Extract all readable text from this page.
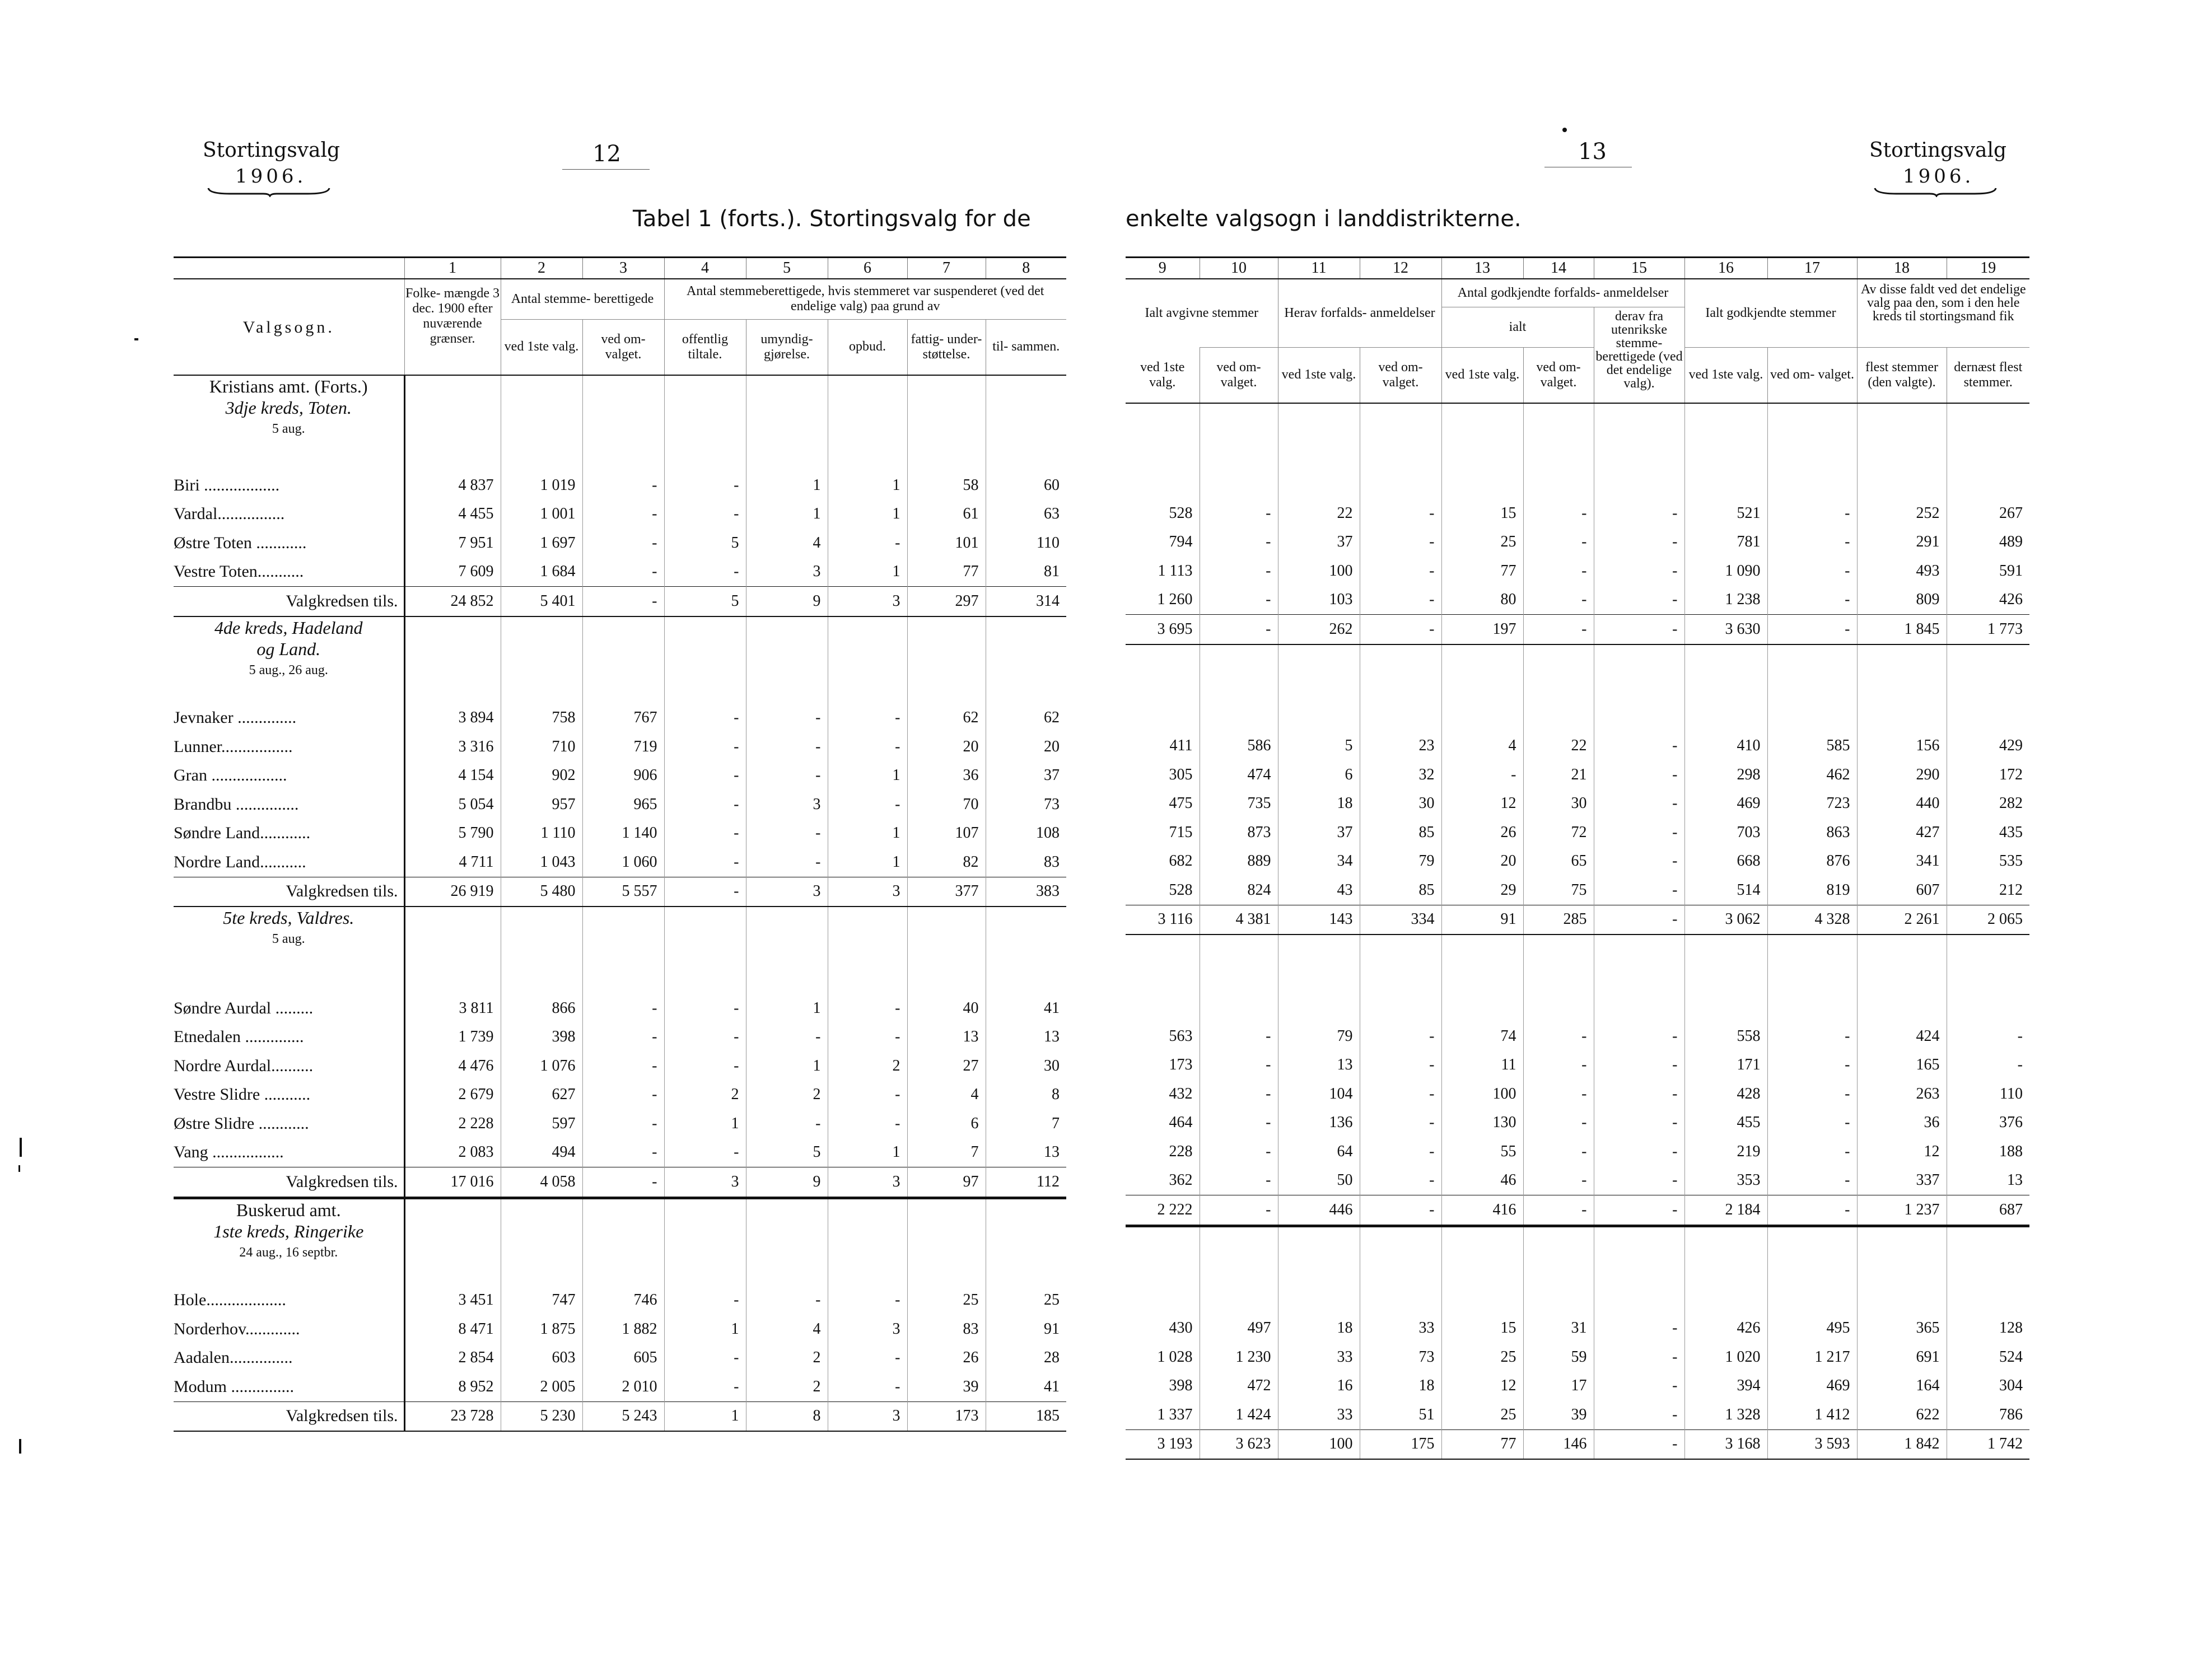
Stortingsvalg
1906.
12	13	Stortingsvalg
1906.
Tabel 1 (forts.). Stortingsvalg for de	enkelte valgsogn i landdistrikterne.
	1	2	3	4	5	6	7	8
Valgsogn.	Folke- mængde 3 dec. 1900 efter nuværende grænser.	Antal stemme- berettigede		Antal stemmeberettigede, hvis stemmeret var suspenderet (ved det endelige valg) paa grund av				
		ved 1ste valg.	ved om- valget.	offentlig tiltale.	umyndig- gjørelse.	opbud.	fattig- under- støttelse.	til- sammen.

Kristians amt. (Forts.)
3dje kreds, Toten.
5 aug.								

Biri ..................	4 837	1 019	-	-	1	1	58	60
Vardal................	4 455	1 001	-	-	1	1	61	63
Østre Toten ............	7 951	1 697	-	5	4	-	101	110
Vestre Toten...........	7 609	1 684	-	-	3	1	77	81
Valgkredsen tils.	24 852	5 401	-	5	9	3	297	314

4de kreds, Hadeland
og Land.
5 aug., 26 aug.								

Jevnaker ..............	3 894	758	767	-	-	-	62	62
Lunner.................	3 316	710	719	-	-	-	20	20
Gran ..................	4 154	902	906	-	-	1	36	37
Brandbu ...............	5 054	957	965	-	3	-	70	73
Søndre Land............	5 790	1 110	1 140	-	-	1	107	108
Nordre Land...........	4 711	1 043	1 060	-	-	1	82	83
Valgkredsen tils.	26 919	5 480	5 557	-	3	3	377	383

5te kreds, Valdres.
5 aug.								

Søndre Aurdal .........	3 811	866	-	-	1	-	40	41
Etnedalen ..............	1 739	398	-	-	-	-	13	13
Nordre Aurdal..........	4 476	1 076	-	-	1	2	27	30
Vestre Slidre ...........	2 679	627	-	2	2	-	4	8
Østre Slidre ............	2 228	597	-	1	-	-	6	7
Vang .................	2 083	494	-	-	5	1	7	13
Valgkredsen tils.	17 016	4 058	-	3	9	3	97	112

Buskerud amt.
1ste kreds, Ringerike
24 aug., 16 septbr.								

Hole...................	3 451	747	746	-	-	-	25	25
Norderhov.............	8 471	1 875	1 882	1	4	3	83	91
Aadalen...............	2 854	603	605	-	2	-	26	28
Modum ...............	8 952	2 005	2 010	-	2	-	39	41
Valgkredsen tils.	23 728	5 230	5 243	1	8	3	173	185
9	10	11	12	13	14	15	16	17	18	19
Ialt avgivne stemmer		Herav forfalds- anmeldelser		Antal godkjendte forfalds- anmeldelser			Ialt godkjendte stemmer		Av disse faldt ved det endelige valg paa den, som i den hele kreds til stortingsmand fik	
				ialt		derav fra utenrikske stemme- berettigede (ved det endelige valg).				
ved 1ste valg.	ved om- valget.	ved 1ste valg.	ved om- valget.	ved 1ste valg.	ved om- valget.		ved 1ste valg.	ved om- valget.	flest stemmer (den valgte).	dernæst flest stemmer.

528	-	22	-	15	-	-	521	-	252	267
794	-	37	-	25	-	-	781	-	291	489
1 113	-	100	-	77	-	-	1 090	-	493	591
1 260	-	103	-	80	-	-	1 238	-	809	426
3 695	-	262	-	197	-	-	3 630	-	1 845	1 773

411	586	5	23	4	22	-	410	585	156	429
305	474	6	32	-	21	-	298	462	290	172
475	735	18	30	12	30	-	469	723	440	282
715	873	37	85	26	72	-	703	863	427	435
682	889	34	79	20	65	-	668	876	341	535
528	824	43	85	29	75	-	514	819	607	212
3 116	4 381	143	334	91	285	-	3 062	4 328	2 261	2 065

563	-	79	-	74	-	-	558	-	424	-
173	-	13	-	11	-	-	171	-	165	-
432	-	104	-	100	-	-	428	-	263	110
464	-	136	-	130	-	-	455	-	36	376
228	-	64	-	55	-	-	219	-	12	188
362	-	50	-	46	-	-	353	-	337	13
2 222	-	446	-	416	-	-	2 184	-	1 237	687

430	497	18	33	15	31	-	426	495	365	128
1 028	1 230	33	73	25	59	-	1 020	1 217	691	524
398	472	16	18	12	17	-	394	469	164	304
1 337	1 424	33	51	25	39	-	1 328	1 412	622	786
3 193	3 623	100	175	77	146	-	3 168	3 593	1 842	1 742
